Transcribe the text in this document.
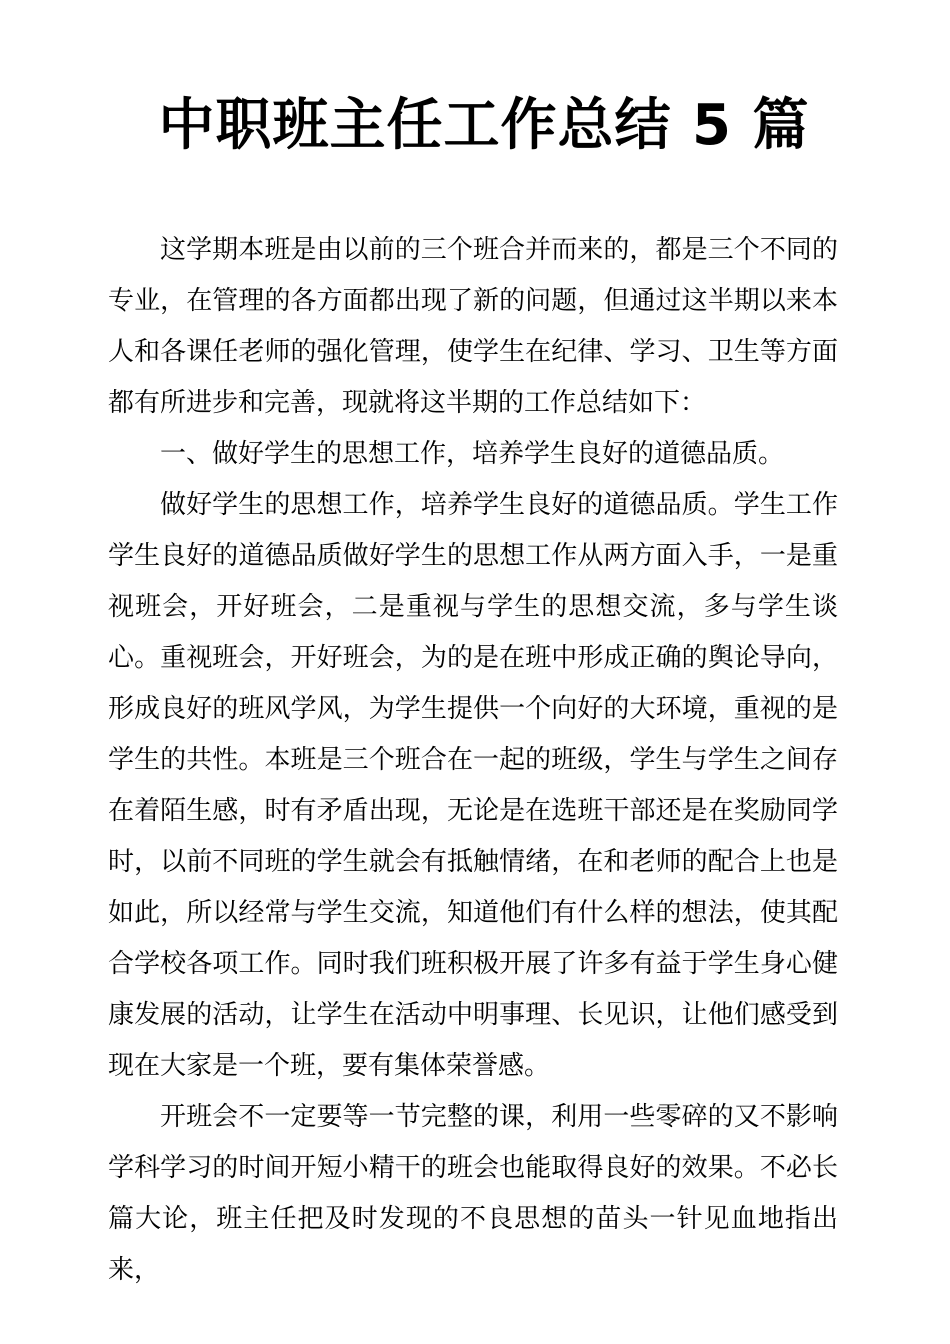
中职班主任工作总结 5 篇

这学期本班是由以前的三个班合并而来的，都是三个不同的专业，在管理的各方面都出现了新的问题，但通过这半期以来本人和各课任老师的强化管理，使学生在纪律、学习、卫生等方面都有所进步和完善，现就将这半期的工作总结如下：

一、做好学生的思想工作，培养学生良好的道德品质。

做好学生的思想工作，培养学生良好的道德品质。学生工作学生良好的道德品质做好学生的思想工作从两方面入手，一是重视班会，开好班会，二是重视与学生的思想交流，多与学生谈心。重视班会，开好班会，为的是在班中形成正确的舆论导向，形成良好的班风学风，为学生提供一个向好的大环境，重视的是学生的共性。本班是三个班合在一起的班级，学生与学生之间存在着陌生感，时有矛盾出现，无论是在选班干部还是在奖励同学时，以前不同班的学生就会有抵触情绪，在和老师的配合上也是如此，所以经常与学生交流，知道他们有什么样的想法，使其配合学校各项工作。同时我们班积极开展了许多有益于学生身心健康发展的活动，让学生在活动中明事理、长见识，让他们感受到现在大家是一个班，要有集体荣誉感。

开班会不一定要等一节完整的课，利用一些零碎的又不影响学科学习的时间开短小精干的班会也能取得良好的效果。不必长篇大论，班主任把及时发现的不良思想的苗头一针见血地指出来，
